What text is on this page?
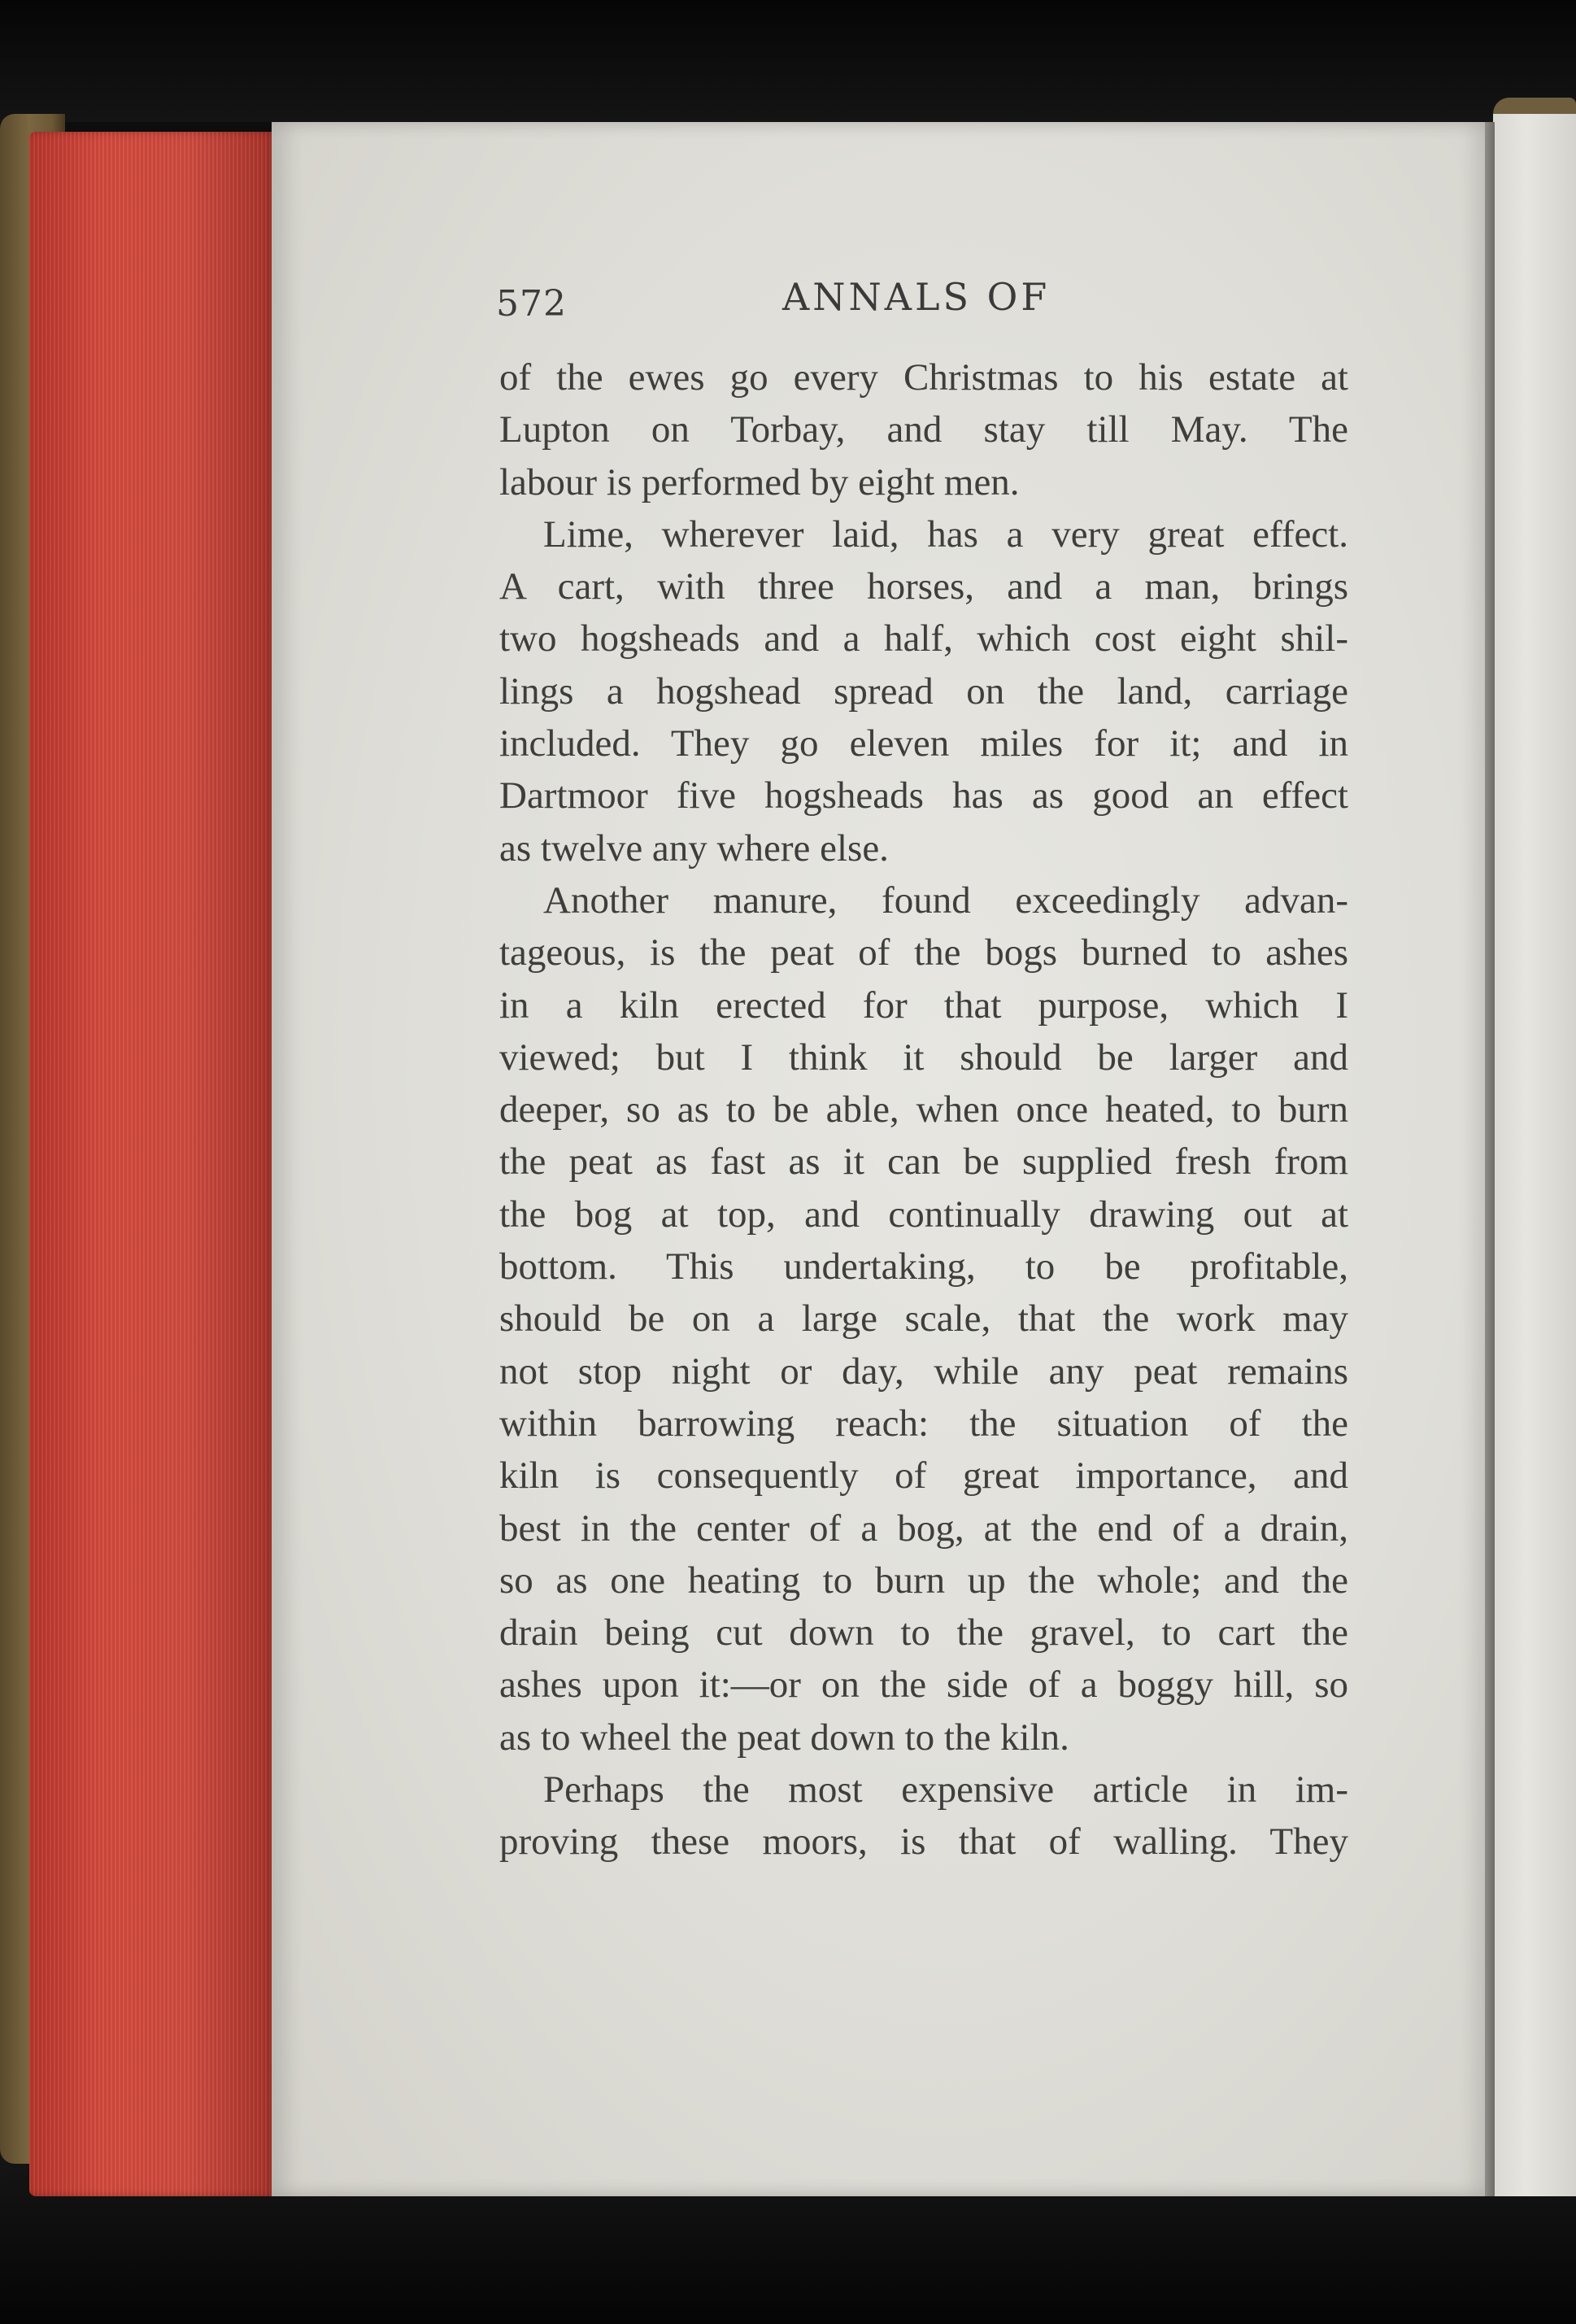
572	ANNALS OF
of the ewes go every Christmas to his estate at
Lupton on Torbay, and stay till May. The
labour is performed by eight men.
Lime, wherever laid, has a very great effect.
A cart, with three horses, and a man, brings
two hogsheads and a half, which cost eight shil-
lings a hogshead spread on the land, carriage
included. They go eleven miles for it; and in
Dartmoor five hogsheads has as good an effect
as twelve any where else.
Another manure, found exceedingly advan-
tageous, is the peat of the bogs burned to ashes
in a kiln erected for that purpose, which I
viewed; but I think it should be larger and
deeper, so as to be able, when once heated, to burn
the peat as fast as it can be supplied fresh from
the bog at top, and continually drawing out at
bottom. This undertaking, to be profitable,
should be on a large scale, that the work may
not stop night or day, while any peat remains
within barrowing reach: the situation of the
kiln is consequently of great importance, and
best in the center of a bog, at the end of a drain,
so as one heating to burn up the whole; and the
drain being cut down to the gravel, to cart the
ashes upon it:—or on the side of a boggy hill, so
as to wheel the peat down to the kiln.
Perhaps the most expensive article in im-
proving these moors, is that of walling. They
